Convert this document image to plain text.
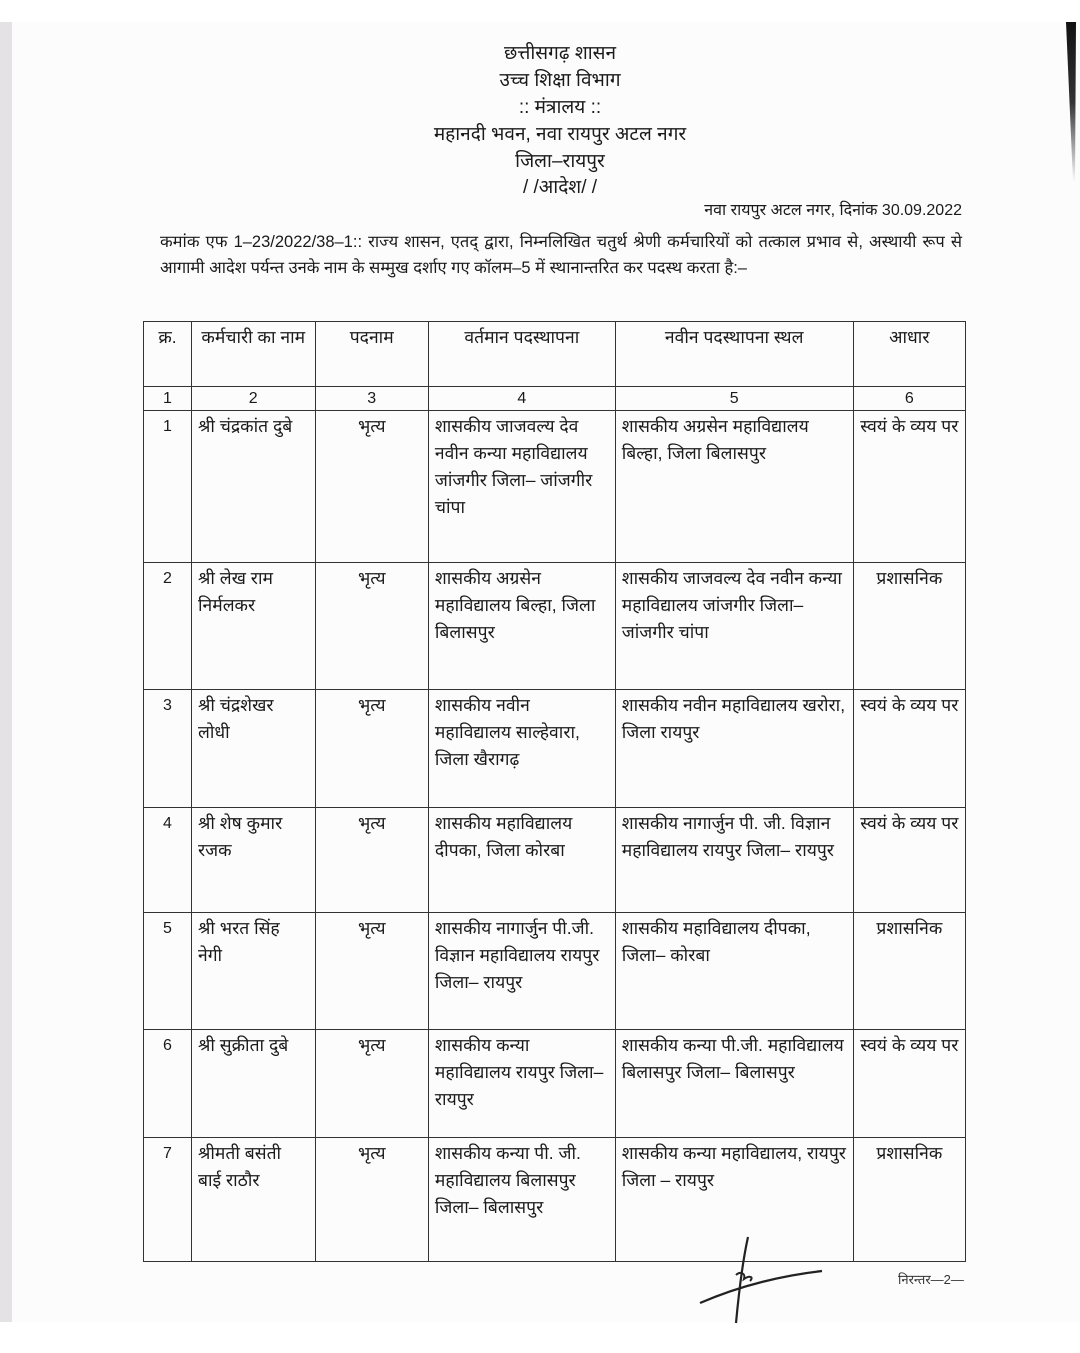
छत्तीसगढ़ शासन
उच्च शिक्षा विभाग
:: मंत्रालय ::
महानदी भवन, नवा रायपुर अटल नगर
जिला–रायपुर
/ /आदेश/ /
नवा रायपुर अटल नगर, दिनांक 30.09.2022
कमांक एफ 1–23/2022/38–1:: राज्य शासन, एतद् द्वारा, निम्नलिखित चतुर्थ श्रेणी कर्मचारियों को तत्काल प्रभाव से, अस्थायी रूप से आगामी आदेश पर्यन्त उनके नाम के सम्मुख दर्शाए गए कॉलम–5 में स्थानान्तरित कर पदस्थ करता है:–
क्र.	कर्मचारी का नाम	पदनाम	वर्तमान पदस्थापना	नवीन पदस्थापना स्थल	आधार
1	2	3	4	5	6
1	श्री चंद्रकांत दुबे	भृत्य	शासकीय जाजवल्य देव नवीन कन्या महाविद्यालय जांजगीर जिला– जांजगीर चांपा	शासकीय अग्रसेन महाविद्यालय बिल्हा, जिला बिलासपुर	स्वयं के व्यय पर
2	श्री लेख राम निर्मलकर	भृत्य	शासकीय अग्रसेन महाविद्यालय बिल्हा, जिला बिलासपुर	शासकीय जाजवल्य देव नवीन कन्या महाविद्यालय जांजगीर जिला– जांजगीर चांपा	प्रशासनिक
3	श्री चंद्रशेखर लोधी	भृत्य	शासकीय नवीन महाविद्यालय साल्हेवारा, जिला खैरागढ़	शासकीय नवीन महाविद्यालय खरोरा, जिला रायपुर	स्वयं के व्यय पर
4	श्री शेष कुमार रजक	भृत्य	शासकीय महाविद्यालय दीपका, जिला कोरबा	शासकीय नागार्जुन पी. जी. विज्ञान महाविद्यालय रायपुर जिला– रायपुर	स्वयं के व्यय पर
5	श्री भरत सिंह नेगी	भृत्य	शासकीय नागार्जुन पी.जी. विज्ञान महाविद्यालय रायपुर जिला– रायपुर	शासकीय महाविद्यालय दीपका, जिला– कोरबा	प्रशासनिक
6	श्री सुक्रीता दुबे	भृत्य	शासकीय कन्या महाविद्यालय रायपुर जिला– रायपुर	शासकीय कन्या पी.जी. महाविद्यालय बिलासपुर जिला– बिलासपुर	स्वयं के व्यय पर
7	श्रीमती बसंती बाई राठौर	भृत्य	शासकीय कन्या पी. जी. महाविद्यालय बिलासपुर जिला– बिलासपुर	शासकीय कन्या महाविद्यालय, रायपुर जिला – रायपुर	प्रशासनिक
निरन्तर—2—
